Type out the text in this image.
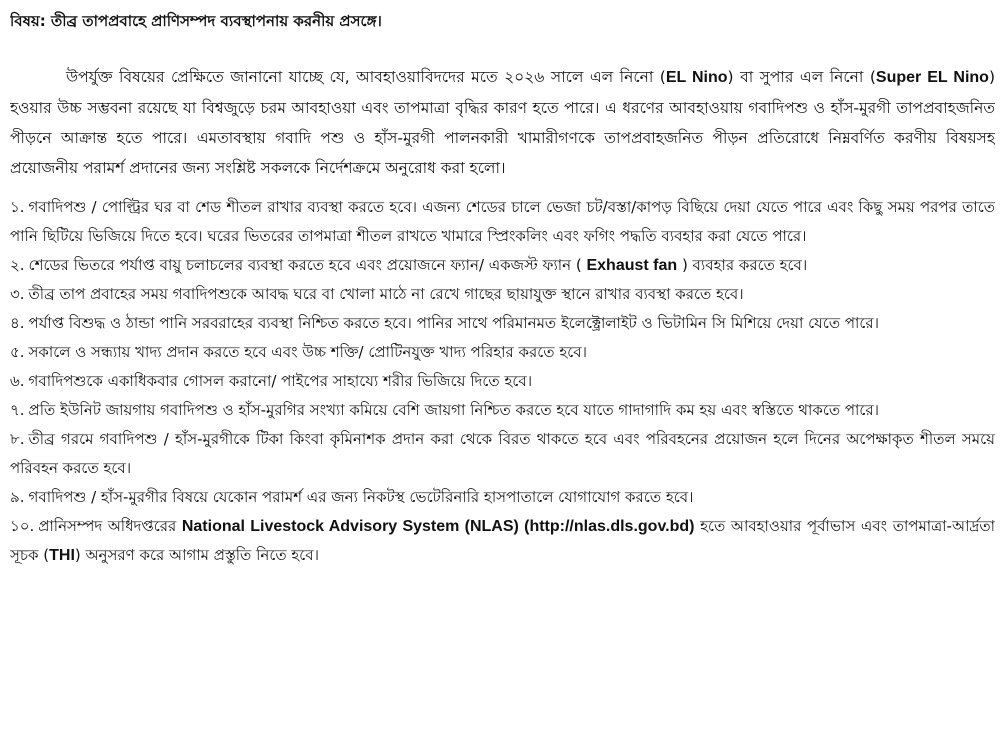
বিষয়: তীব্র তাপপ্রবাহে প্রাণিসম্পদ ব্যবস্থাপনায় করনীয় প্রসঙ্গে।

উপর্যুক্ত বিষয়ের প্রেক্ষিতে জানানো যাচ্ছে যে, আবহাওয়াবিদদের মতে ২০২৬ সালে এল নিনো (EL Nino) বা সুপার এল নিনো (Super EL Nino) হওয়ার উচ্চ সম্ভবনা রয়েছে যা বিশ্বজুড়ে চরম আবহাওয়া এবং তাপমাত্রা বৃদ্ধির কারণ হতে পারে। এ ধরণের আবহাওয়ায় গবাদিপশু ও হাঁস-মুরগী তাপপ্রবাহজনিত পীড়নে আক্রান্ত হতে পারে। এমতাবস্থায় গবাদি পশু ও হাঁস-মুরগী পালনকারী খামারীগণকে তাপপ্রবাহজনিত পীড়ন প্রতিরোধে নিম্নবর্ণিত করণীয় বিষয়সহ প্রয়োজনীয় পরামর্শ প্রদানের জন্য সংশ্লিষ্ট সকলকে নির্দেশক্রমে অনুরোধ করা হলো।

১. গবাদিপশু / পোল্ট্রির ঘর বা শেড শীতল রাখার ব্যবস্থা করতে হবে। এজন্য শেডের চালে ভেজা চট/বস্তা/কাপড় বিছিয়ে দেয়া যেতে পারে এবং কিছু সময় পরপর তাতে পানি ছিটিয়ে ভিজিয়ে দিতে হবে। ঘরের ভিতরের তাপমাত্রা শীতল রাখতে খামারে স্প্রিংকলিং এবং ফগিং পদ্ধতি ব্যবহার করা যেতে পারে।

২. শেডের ভিতরে পর্যাপ্ত বায়ু চলাচলের ব্যবস্থা করতে হবে এবং প্রয়োজনে ফ্যান/ একজস্ট ফ্যান ( Exhaust fan ) ব্যবহার করতে হবে।

৩. তীব্র তাপ প্রবাহের সময় গবাদিপশুকে আবদ্ধ ঘরে বা খোলা মাঠে না রেখে গাছের ছায়াযুক্ত স্থানে রাখার ব্যবস্থা করতে হবে।

৪. পর্যাপ্ত বিশুদ্ধ ও ঠান্ডা পানি সরবরাহের ব্যবস্থা নিশ্চিত করতে হবে। পানির সাথে পরিমানমত ইলেক্ট্রোলাইট ও ভিটামিন সি মিশিয়ে দেয়া যেতে পারে।

৫. সকালে ও সন্ধ্যায় খাদ্য প্রদান করতে হবে এবং উচ্চ শক্তি/ প্রোটিনযুক্ত খাদ্য পরিহার করতে হবে।

৬. গবাদিপশুকে একাধিকবার গোসল করানো/ পাইপের সাহায্যে শরীর ভিজিয়ে দিতে হবে।

৭. প্রতি ইউনিট জায়গায় গবাদিপশু ও হাঁস-মুরগির সংখ্যা কমিয়ে বেশি জায়গা নিশ্চিত করতে হবে যাতে গাদাগাদি কম হয় এবং স্বস্তিতে থাকতে পারে।

৮. তীব্র গরমে গবাদিপশু / হাঁস-মুরগীকে টিকা কিংবা কৃমিনাশক প্রদান করা থেকে বিরত থাকতে হবে এবং পরিবহনের প্রয়োজন হলে দিনের অপেক্ষাকৃত শীতল সময়ে পরিবহন করতে হবে।

৯. গবাদিপশু / হাঁস-মুরগীর বিষয়ে যেকোন পরামর্শ এর জন্য নিকটস্থ ভেটেরিনারি হাসপাতালে যোগাযোগ করতে হবে।

১০. প্রানিসম্পদ অধিদপ্তরের National Livestock Advisory System (NLAS) (http://nlas.dls.gov.bd) হতে আবহাওয়ার পূর্বাভাস এবং তাপমাত্রা-আর্দ্রতা সূচক (THI) অনুসরণ করে আগাম প্রস্তুতি নিতে হবে।
